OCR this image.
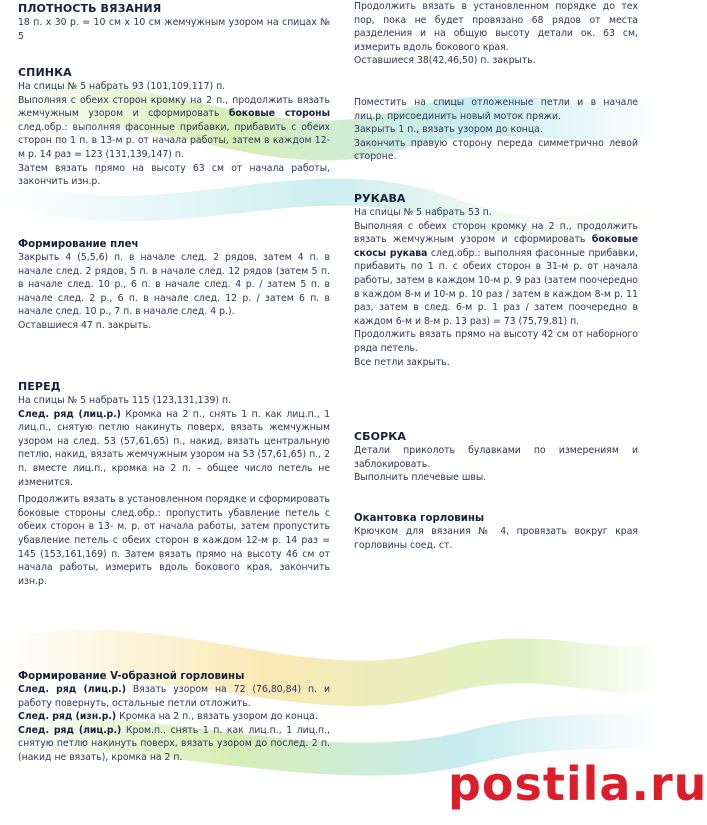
ПЛОТНОСТЬ ВЯЗАНИЯ

18 п. х 30 р. = 10 см х 10 см жемчужным узором на спицах № 5

СПИНКА

На спицы № 5 набрать 93 (101,109,117) п.

Выполняя с обеих сторон кромку на 2 п., продолжить вязать жемчужным узором и сформировать боковые стороны след.обр.: выполняя фасонные прибавки, прибавить с обеих сторон по 1 п. в 13-м р. от начала работы, затем в каждом 12-м р. 14 раз = 123 (131,139,147) п.

Затем вязать прямо на высоту 63 см от начала работы, закончить изн.р.

Формирование плеч

Закрыть 4 (5,5,6) п. в начале след. 2 рядов, затем 4 п. в начале след. 2 рядов, 5 п. в начале след. 12 рядов (затем 5 п. в начале след. 10 р., 6 п. в начале след. 4 р. / затем 5 п. в начале след. 2 р., 6 п. в начале след. 12 р. / затем 6 п. в начале след. 10 р., 7 п. в начале след. 4 р.).

Оставшиеся 47 п. закрыть.

ПЕРЕД

На спицы № 5 набрать 115 (123,131,139) п.

След. ряд (лиц.р.) Кромка на 2 п., снять 1 п. как лиц.п., 1 лиц.п., снятую петлю накинуть поверх, вязать жемчужным узором на след. 53 (57,61,65) п., накид, вязать центральную петлю, накид, вязать жемчужным узором на 53 (57,61,65) п., 2 п. вместе лиц.п., кромка на 2 п. – общее число петель не изменится.

Продолжить вязать в установленном порядке и сформировать боковые стороны след.обр.: пропустить убавление петель с обеих сторон в 13- м. р. от начала работы, затем пропустить убавление петель с обеих сторон в каждом 12-м р. 14 раз = 145 (153,161,169) п. Затем вязать прямо на высоту 46 см от начала работы, измерить вдоль бокового края, закончить изн.р.

Формирование V-образной горловины

След. ряд (лиц.р.) Вязать узором на 72 (76,80,84) п. и работу повернуть, остальные петли отложить.

След. ряд (изн.р.) Кромка на 2 п., вязать узором до конца.

След. ряд (лиц.р.) Кром.п., снять 1 п. как лиц.п., 1 лиц.п., снятую петлю накинуть поверх, вязать узором до послед. 2 п. (накид не вязать), кромка на 2 п.

Продолжить вязать в установленном порядке до тех пор, пока не будет провязано 68 рядов от места разделения и на общую высоту детали ок. 63 см, измерить вдоль бокового края.

Оставшиеся 38(42,46,50) п. закрыть.

Поместить на спицы отложенные петли и в начале лиц.р. присоединить новый моток пряжи.

Закрыть 1 п., вязать узором до конца.

Закончить правую сторону переда симметрично левой стороне.

РУКАВА

На спицы № 5 набрать 53 п.

Выполняя с обеих сторон кромку на 2 п., продолжить вязать жемчужным узором и сформировать боковые скосы рукава след.обр.: выполняя фасонные прибавки, прибавить по 1 п. с обеих сторон в 31-м р. от начала работы, затем в каждом 10-м р. 9 раз (затем поочередно в каждом 8-м и 10-м р. 10 раз / затем в каждом 8-м р. 11 раз, затем в след. 6-м р. 1 раз / затем поочередно в каждом 6-м и 8-м р. 13 раз) = 73 (75,79,81) п.

Продолжить вязать прямо на высоту 42 см от наборного ряда петель.

Все петли закрыть.

СБОРКА

Детали приколоть булавками по измерениям и заблокировать.

Выполнить плечевые швы.

Окантовка горловины

Крючком для вязания № 4, провязать вокруг края горловины соед. ст.

postila.ru
